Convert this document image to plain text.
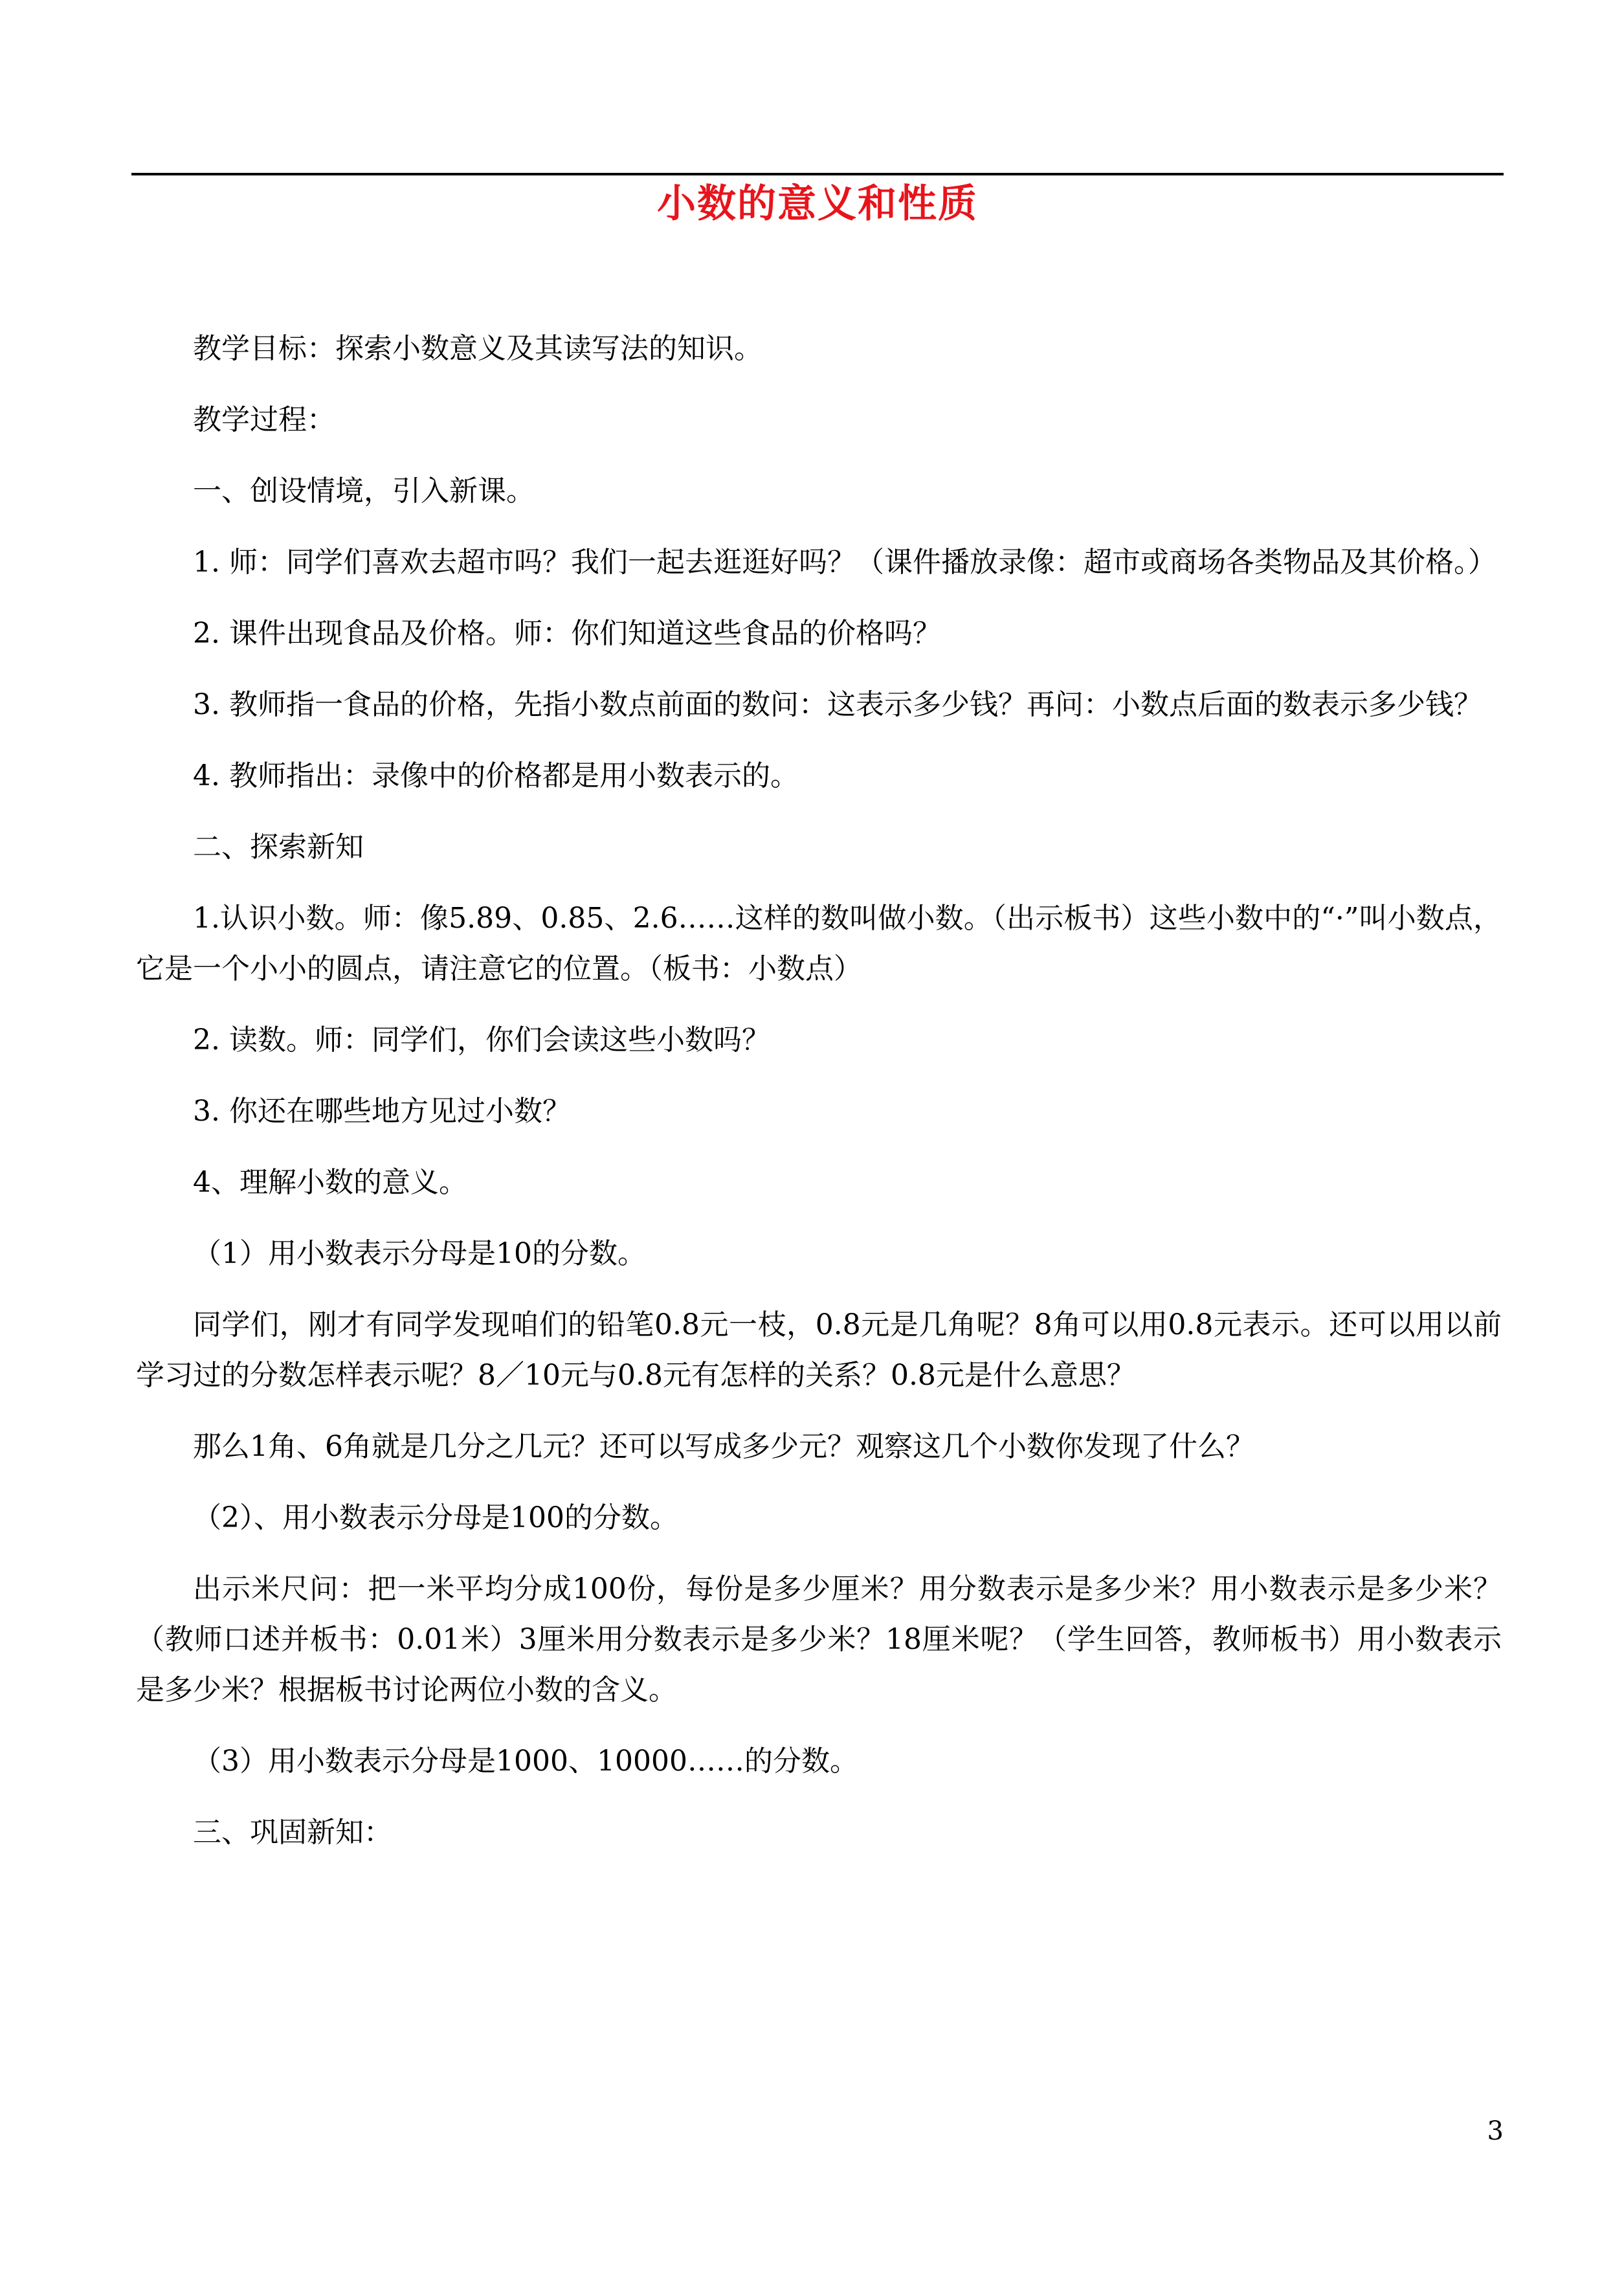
小数的意义和性质

教学目标：探索小数意义及其读写法的知识。

教学过程：

一、创设情境，引入新课。

1. 师：同学们喜欢去超市吗？我们一起去逛逛好吗？（课件播放录像：超市或商场各类物品及其价格。）

2. 课件出现食品及价格。师：你们知道这些食品的价格吗？

3. 教师指一食品的价格，先指小数点前面的数问：这表示多少钱？再问：小数点后面的数表示多少钱？

4. 教师指出：录像中的价格都是用小数表示的。

二、探索新知

1.认识小数。师：像5.89、0.85、2.6……这样的数叫做小数。（出示板书）这些小数中的“·”叫小数点，它是一个小小的圆点，请注意它的位置。（板书：小数点）

2. 读数。师：同学们，你们会读这些小数吗？

3. 你还在哪些地方见过小数？

4、理解小数的意义。

（1）用小数表示分母是10的分数。

同学们，刚才有同学发现咱们的铅笔0.8元一枝，0.8元是几角呢？8角可以用0.8元表示。还可以用以前学习过的分数怎样表示呢？8／10元与0.8元有怎样的关系？0.8元是什么意思？

那么1角、6角就是几分之几元？还可以写成多少元？观察这几个小数你发现了什么？

（2）、用小数表示分母是100的分数。

出示米尺问：把一米平均分成100份，每份是多少厘米？用分数表示是多少米？用小数表示是多少米？（教师口述并板书：0.01米）3厘米用分数表示是多少米？18厘米呢？（学生回答，教师板书）用小数表示是多少米？根据板书讨论两位小数的含义。

（3）用小数表示分母是1000、10000……的分数。

三、巩固新知：

3
